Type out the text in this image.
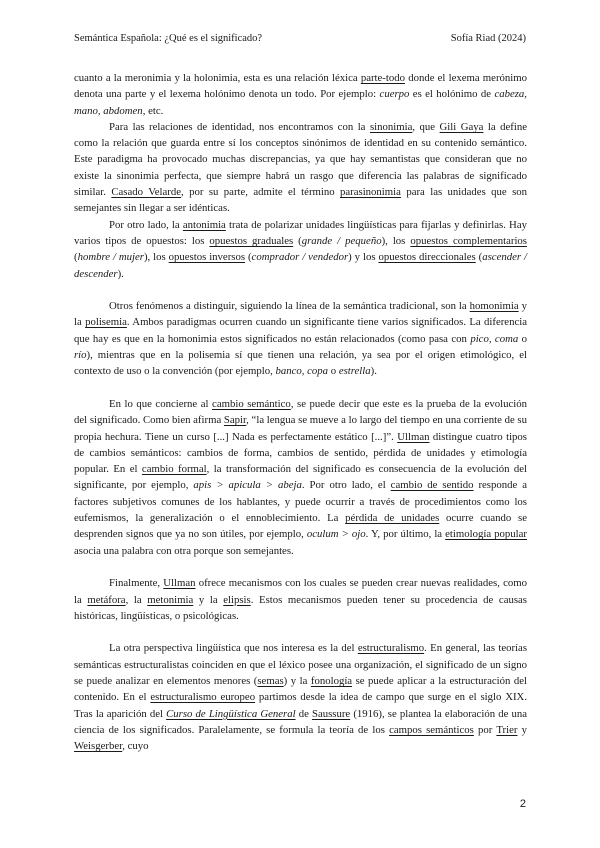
Semántica Española: ¿Qué es el significado?	Sofía Riad (2024)

cuanto a la meronimia y la holonimia, esta es una relación léxica parte-todo donde el lexema merónimo denota una parte y el lexema holónimo denota un todo. Por ejemplo: cuerpo es el holónimo de cabeza, mano, abdomen, etc.

Para las relaciones de identidad, nos encontramos con la sinonimia, que Gili Gaya la define como la relación que guarda entre sí los conceptos sinónimos de identidad en su contenido semántico. Este paradigma ha provocado muchas discrepancias, ya que hay semantistas que consideran que no existe la sinonimia perfecta, que siempre habrá un rasgo que diferencia las palabras de significado similar. Casado Velarde, por su parte, admite el término parasinonimia para las unidades que son semejantes sin llegar a ser idénticas.

Por otro lado, la antonimia trata de polarizar unidades lingüísticas para fijarlas y definirlas. Hay varios tipos de opuestos: los opuestos graduales (grande / pequeño), los opuestos complementarios (hombre / mujer), los opuestos inversos (comprador / vendedor) y los opuestos direccionales (ascender / descender).

Otros fenómenos a distinguir, siguiendo la línea de la semántica tradicional, son la homonimia y la polisemia. Ambos paradigmas ocurren cuando un significante tiene varios significados. La diferencia que hay es que en la homonimia estos significados no están relacionados (como pasa con pico, coma o río), mientras que en la polisemia sí que tienen una relación, ya sea por el origen etimológico, el contexto de uso o la convención (por ejemplo, banco, copa o estrella).

En lo que concierne al cambio semántico, se puede decir que este es la prueba de la evolución del significado. Como bien afirma Sapir, “la lengua se mueve a lo largo del tiempo en una corriente de su propia hechura. Tiene un curso [...] Nada es perfectamente estático [...]”. Ullman distingue cuatro tipos de cambios semánticos: cambios de forma, cambios de sentido, pérdida de unidades y etimología popular. En el cambio formal, la transformación del significado es consecuencia de la evolución del significante, por ejemplo, apis > apicula > abeja. Por otro lado, el cambio de sentido responde a factores subjetivos comunes de los hablantes, y puede ocurrir a través de procedimientos como los eufemismos, la generalización o el ennoblecimiento. La pérdida de unidades ocurre cuando se desprenden signos que ya no son útiles, por ejemplo, oculum > ojo. Y, por último, la etimología popular asocia una palabra con otra porque son semejantes.

Finalmente, Ullman ofrece mecanismos con los cuales se pueden crear nuevas realidades, como la metáfora, la metonimia y la elipsis. Estos mecanismos pueden tener su procedencia de causas históricas, lingüísticas, o psicológicas.

La otra perspectiva lingüística que nos interesa es la del estructuralismo. En general, las teorías semánticas estructuralistas coinciden en que el léxico posee una organización, el significado de un signo se puede analizar en elementos menores (semas) y la fonología se puede aplicar a la estructuración del contenido. En el estructuralismo europeo partimos desde la idea de campo que surge en el siglo XIX. Tras la aparición del Curso de Lingüística General de Saussure (1916), se plantea la elaboración de una ciencia de los significados. Paralelamente, se formula la teoría de los campos semánticos por Trier y Weisgerber, cuyo

2
